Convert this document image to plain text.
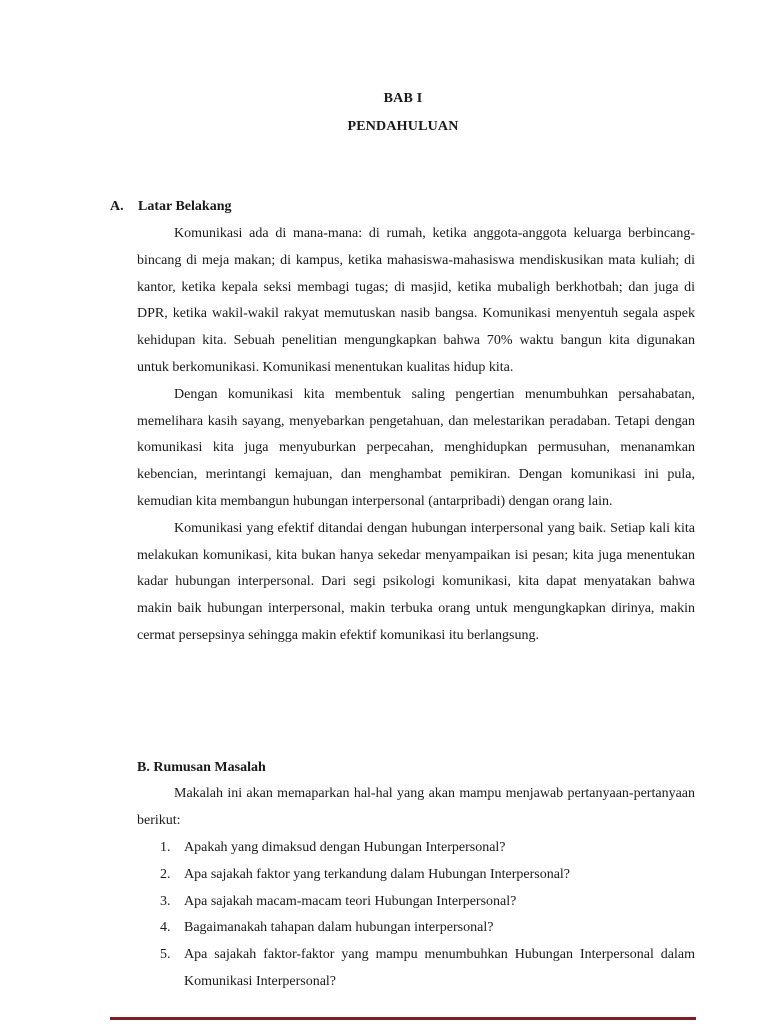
BAB I
PENDAHULUAN
A. Latar Belakang

Komunikasi ada di mana-mana: di rumah, ketika anggota-anggota keluarga berbincang-bincang di meja makan; di kampus, ketika mahasiswa-mahasiswa mendiskusikan mata kuliah; di kantor, ketika kepala seksi membagi tugas; di masjid, ketika mubaligh berkhotbah; dan juga di DPR, ketika wakil-wakil rakyat memutuskan nasib bangsa. Komunikasi menyentuh segala aspek kehidupan kita. Sebuah penelitian mengungkapkan bahwa 70% waktu bangun kita digunakan untuk berkomunikasi. Komunikasi menentukan kualitas hidup kita.

Dengan komunikasi kita membentuk saling pengertian menumbuhkan persahabatan, memelihara kasih sayang, menyebarkan pengetahuan, dan melestarikan peradaban. Tetapi dengan komunikasi kita juga menyuburkan perpecahan, menghidupkan permusuhan, menanamkan kebencian, merintangi kemajuan, dan menghambat pemikiran. Dengan komunikasi ini pula, kemudian kita membangun hubungan interpersonal (antarpribadi) dengan orang lain.

Komunikasi yang efektif ditandai dengan hubungan interpersonal yang baik. Setiap kali kita melakukan komunikasi, kita bukan hanya sekedar menyampaikan isi pesan; kita juga menentukan kadar hubungan interpersonal. Dari segi psikologi komunikasi, kita dapat menyatakan bahwa makin baik hubungan interpersonal, makin terbuka orang untuk mengungkapkan dirinya, makin cermat persepsinya sehingga makin efektif komunikasi itu berlangsung.

B. Rumusan Masalah

Makalah ini akan memaparkan hal-hal yang akan mampu menjawab pertanyaan-pertanyaan berikut:

1. Apakah yang dimaksud dengan Hubungan Interpersonal?
2. Apa sajakah faktor yang terkandung dalam Hubungan Interpersonal?
3. Apa sajakah macam-macam teori Hubungan Interpersonal?
4. Bagaimanakah tahapan dalam hubungan interpersonal?
5. Apa sajakah faktor-faktor yang mampu menumbuhkan Hubungan Interpersonal dalam Komunikasi Interpersonal?
